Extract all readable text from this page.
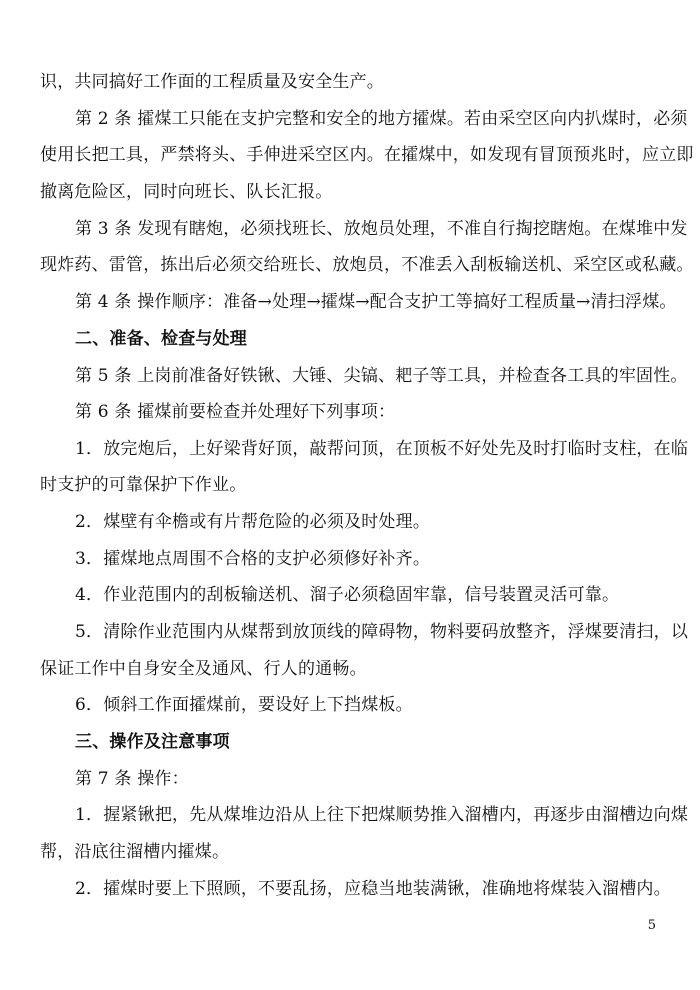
识，共同搞好工作面的工程质量及安全生产。
第 2 条 攉煤工只能在支护完整和安全的地方攉煤。若由采空区向内扒煤时，必须
使用长把工具，严禁将头、手伸进采空区内。在攉煤中，如发现有冒顶预兆时，应立即
撤离危险区，同时向班长、队长汇报。
第 3 条 发现有瞎炮，必须找班长、放炮员处理，不准自行掏挖瞎炮。在煤堆中发
现炸药、雷管，拣出后必须交给班长、放炮员，不准丢入刮板输送机、采空区或私藏。
第 4 条 操作顺序：准备→处理→攉煤→配合支护工等搞好工程质量→清扫浮煤。
二、准备、检查与处理
第 5 条 上岗前准备好铁锹、大锤、尖镐、耙子等工具，并检查各工具的牢固性。
第 6 条 攉煤前要检查并处理好下列事项：
1．放完炮后，上好梁背好顶，敲帮问顶，在顶板不好处先及时打临时支柱，在临
时支护的可靠保护下作业。
2．煤壁有伞檐或有片帮危险的必须及时处理。
3．攉煤地点周围不合格的支护必须修好补齐。
4．作业范围内的刮板输送机、溜子必须稳固牢靠，信号装置灵活可靠。
5．清除作业范围内从煤帮到放顶线的障碍物，物料要码放整齐，浮煤要清扫，以
保证工作中自身安全及通风、行人的通畅。
6．倾斜工作面攉煤前，要设好上下挡煤板。
三、操作及注意事项
第 7 条 操作：
1．握紧锹把，先从煤堆边沿从上往下把煤顺势推入溜槽内，再逐步由溜槽边向煤
帮，沿底往溜槽内攉煤。
2．攉煤时要上下照顾，不要乱扬，应稳当地装满锹，准确地将煤装入溜槽内。
5
